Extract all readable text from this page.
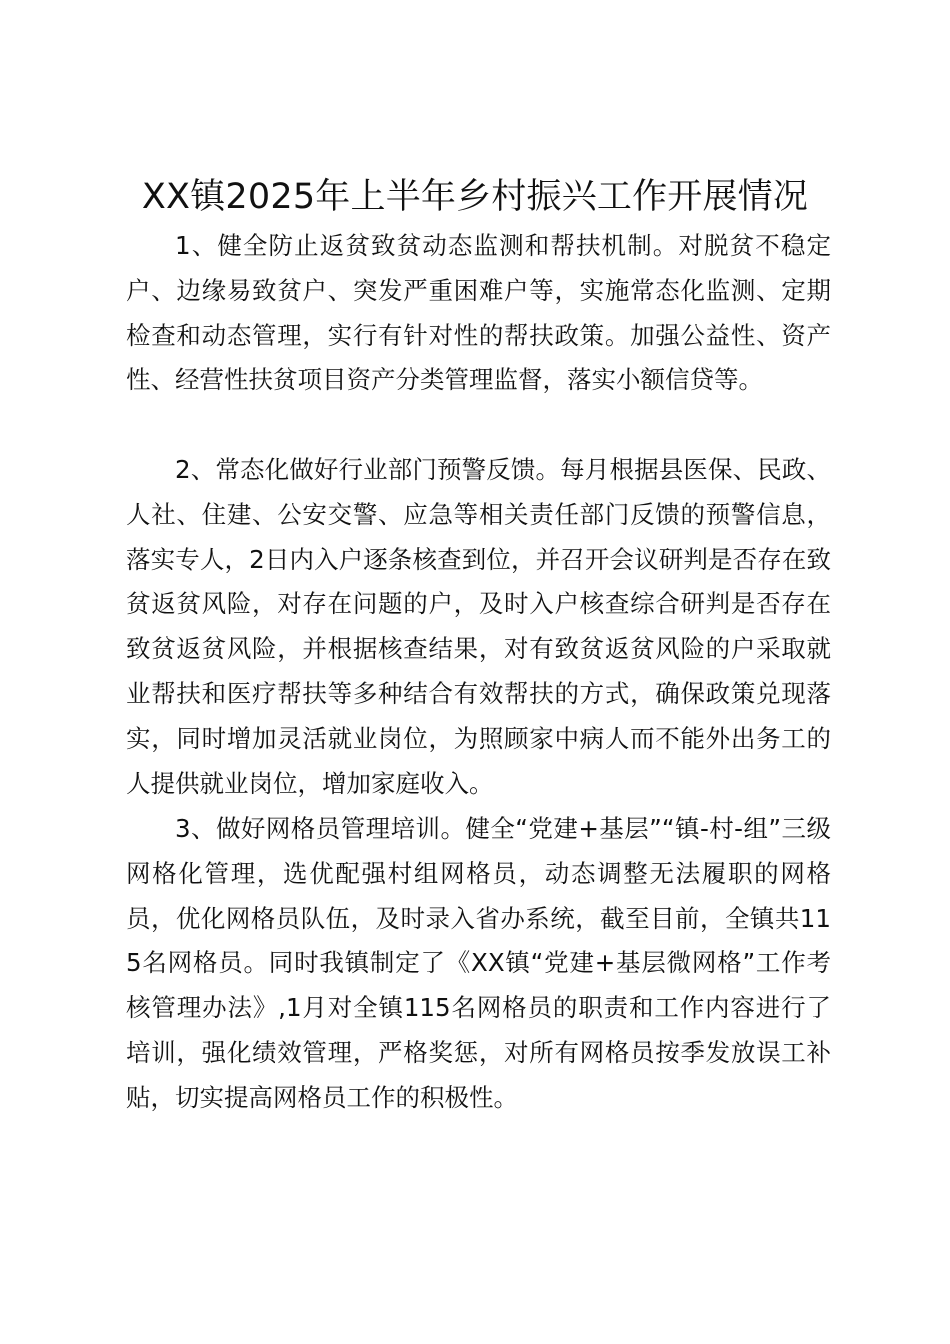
XX镇2025年上半年乡村振兴工作开展情况

1、健全防止返贫致贫动态监测和帮扶机制。对脱贫不稳定户、边缘易致贫户、突发严重困难户等，实施常态化监测、定期检查和动态管理，实行有针对性的帮扶政策。加强公益性、资产性、经营性扶贫项目资产分类管理监督，落实小额信贷等。

2、常态化做好行业部门预警反馈。每月根据县医保、民政、人社、住建、公安交警、应急等相关责任部门反馈的预警信息，落实专人，2日内入户逐条核查到位，并召开会议研判是否存在致贫返贫风险，对存在问题的户，及时入户核查综合研判是否存在致贫返贫风险，并根据核查结果，对有致贫返贫风险的户采取就业帮扶和医疗帮扶等多种结合有效帮扶的方式，确保政策兑现落实，同时增加灵活就业岗位，为照顾家中病人而不能外出务工的人提供就业岗位，增加家庭收入。

3、做好网格员管理培训。健全“党建+基层”“镇-村-组”三级网格化管理，选优配强村组网格员，动态调整无法履职的网格员，优化网格员队伍，及时录入省办系统，截至目前，全镇共115名网格员。同时我镇制定了《XX镇“党建+基层微网格”工作考核管理办法》,1月对全镇115名网格员的职责和工作内容进行了培训，强化绩效管理，严格奖惩，对所有网格员按季发放误工补贴，切实提高网格员工作的积极性。
